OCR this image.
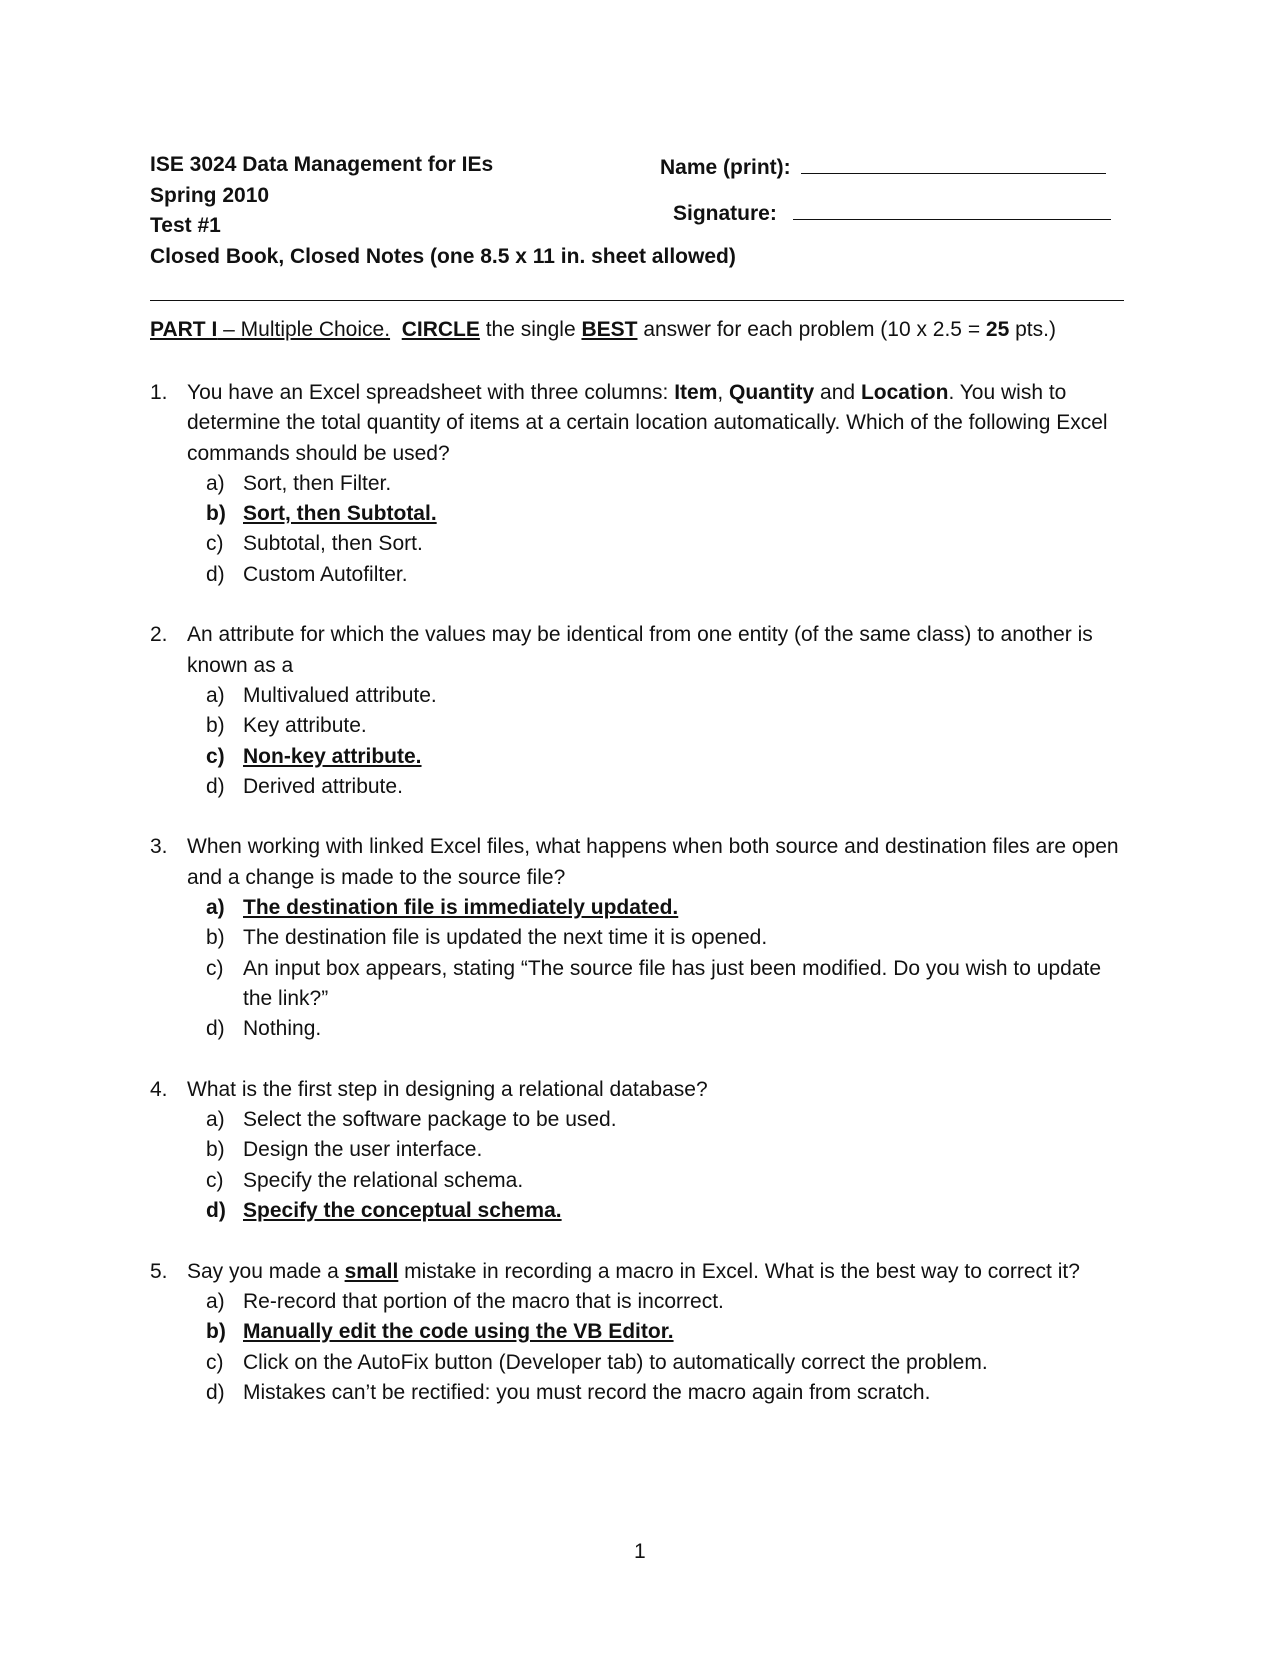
ISE 3024 Data Management for IEs
Spring 2010
Test #1
Closed Book, Closed Notes (one 8.5 x 11 in. sheet allowed)
Name (print):
Signature:
PART I – Multiple Choice. CIRCLE the single BEST answer for each problem (10 x 2.5 = 25 pts.)
1. You have an Excel spreadsheet with three columns: Item, Quantity and Location. You wish to determine the total quantity of items at a certain location automatically. Which of the following Excel commands should be used?
a) Sort, then Filter.
b) Sort, then Subtotal.
c) Subtotal, then Sort.
d) Custom Autofilter.
2. An attribute for which the values may be identical from one entity (of the same class) to another is known as a
a) Multivalued attribute.
b) Key attribute.
c) Non-key attribute.
d) Derived attribute.
3. When working with linked Excel files, what happens when both source and destination files are open and a change is made to the source file?
a) The destination file is immediately updated.
b) The destination file is updated the next time it is opened.
c) An input box appears, stating “The source file has just been modified. Do you wish to update the link?”
d) Nothing.
4. What is the first step in designing a relational database?
a) Select the software package to be used.
b) Design the user interface.
c) Specify the relational schema.
d) Specify the conceptual schema.
5. Say you made a small mistake in recording a macro in Excel. What is the best way to correct it?
a) Re-record that portion of the macro that is incorrect.
b) Manually edit the code using the VB Editor.
c) Click on the AutoFix button (Developer tab) to automatically correct the problem.
d) Mistakes can’t be rectified: you must record the macro again from scratch.
1
